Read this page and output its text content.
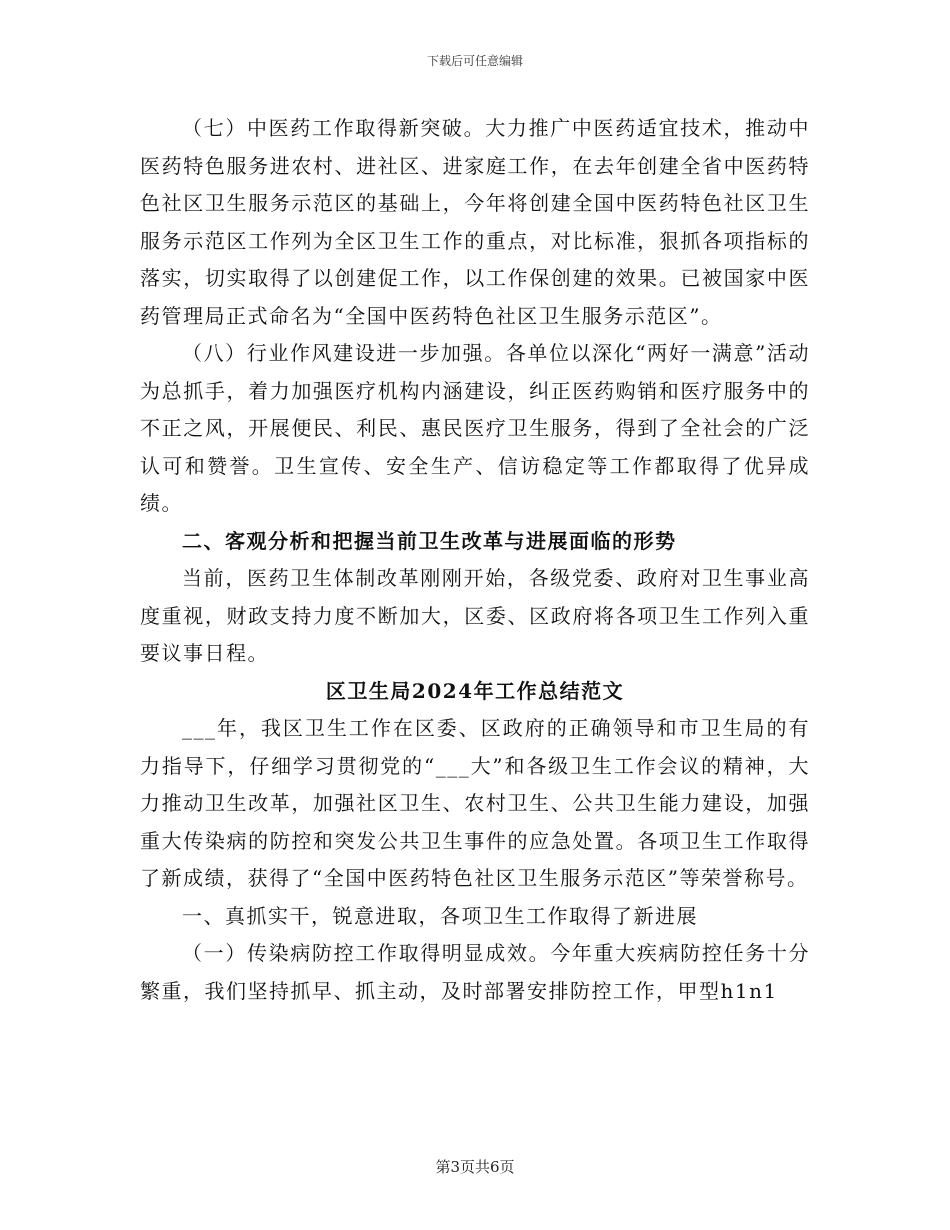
下载后可任意编辑

（七）中医药工作取得新突破。大力推广中医药适宜技术，推动中医药特色服务进农村、进社区、进家庭工作，在去年创建全省中医药特色社区卫生服务示范区的基础上，今年将创建全国中医药特色社区卫生服务示范区工作列为全区卫生工作的重点，对比标准，狠抓各项指标的落实，切实取得了以创建促工作，以工作保创建的效果。已被国家中医药管理局正式命名为“全国中医药特色社区卫生服务示范区”。

（八）行业作风建设进一步加强。各单位以深化“两好一满意”活动为总抓手，着力加强医疗机构内涵建设，纠正医药购销和医疗服务中的不正之风，开展便民、利民、惠民医疗卫生服务，得到了全社会的广泛认可和赞誉。卫生宣传、安全生产、信访稳定等工作都取得了优异成绩。

二、客观分析和把握当前卫生改革与进展面临的形势

当前，医药卫生体制改革刚刚开始，各级党委、政府对卫生事业高度重视，财政支持力度不断加大，区委、区政府将各项卫生工作列入重要议事日程。

区卫生局2024年工作总结范文

___年，我区卫生工作在区委、区政府的正确领导和市卫生局的有力指导下，仔细学习贯彻党的“___大”和各级卫生工作会议的精神，大力推动卫生改革，加强社区卫生、农村卫生、公共卫生能力建设，加强重大传染病的防控和突发公共卫生事件的应急处置。各项卫生工作取得了新成绩，获得了“全国中医药特色社区卫生服务示范区”等荣誉称号。

一、真抓实干，锐意进取，各项卫生工作取得了新进展

（一）传染病防控工作取得明显成效。今年重大疾病防控任务十分繁重，我们坚持抓早、抓主动，及时部署安排防控工作，甲型h1n1

第3页共6页
